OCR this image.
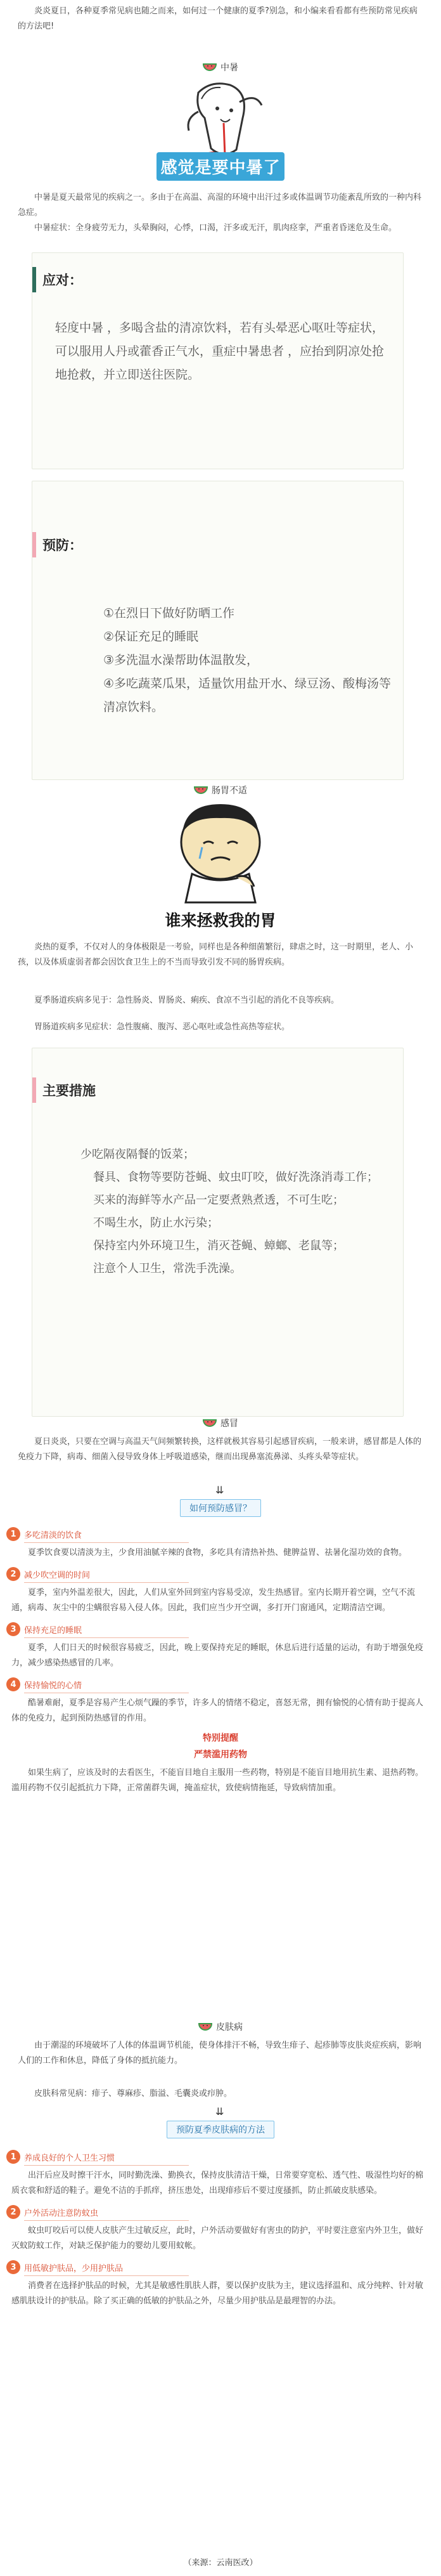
炎炎夏日，各种夏季常见病也随之而来，如何过一个健康的夏季?别急，和小编来看看都有些预防常见疾病的方法吧!

中暑
感觉是要中暑了

中暑是夏天最常见的疾病之一。多由于在高温、高湿的环境中出汗过多或体温调节功能紊乱所致的一种内科急症。

中暑症状：全身疲劳无力，头晕胸闷，心悸，口渴，汗多或无汗，肌肉痉挛，严重者昏迷危及生命。

应对：
轻度中暑 ，多喝含盐的清凉饮料，若有头晕恶心呕吐等症状，可以服用人丹或藿香正气水，重症中暑患者 ，应抬到阴凉处抢地抢救，并立即送往医院。
预防：
①在烈日下做好防晒工作
②保证充足的睡眠
③多洗温水澡帮助体温散发，
④多吃蔬菜瓜果，适量饮用盐开水、绿豆汤、酸梅汤等清凉饮料。
肠胃不适
谁来拯救我的胃

炎热的夏季，不仅对人的身体极限是一考验，同样也是各种细菌繁衍，肆虐之时，这一时期里，老人、小孩，以及体质虚弱者都会因饮食卫生上的不当而导致引发不同的肠胃疾病。

夏季肠道疾病多见于：急性肠炎、胃肠炎、痢疾、食凉不当引起的消化不良等疾病。

胃肠道疾病多见症状：急性腹痛、腹泻、恶心呕吐或急性高热等症状。

主要措施
少吃隔夜隔餐的饭菜；
餐具、食物等要防苍蝇、蚊虫叮咬，做好洗涤消毒工作；
买来的海鲜等水产品一定要煮熟煮透，不可生吃；
不喝生水，防止水污染；
保持室内外环境卫生，消灭苍蝇、蟑螂、老鼠等；
注意个人卫生，常洗手洗澡。
感冒

夏日炎炎，只要在空调与高温天气间频繁转换，这样就极其容易引起感冒疾病，一般来讲，感冒都是人体的免疫力下降，病毒、细菌入侵导致身体上呼吸道感染，继而出现鼻塞流鼻涕、头疼头晕等症状。

⇊
如何预防感冒？
1 多吃清淡的饮食

夏季饮食要以清淡为主，少食用油腻辛辣的食物，多吃具有清热补热、健脾益胃、祛暑化湿功效的食物。

2 减少吹空调的时间

夏季，室内外温差很大，因此，人们从室外回到室内容易受凉，发生热感冒。室内长期开着空调，空气不流通，病毒、灰尘中的尘螨很容易入侵人体。因此，我们应当少开空调，多打开门窗通风，定期清洁空调。

3 保持充足的睡眠

夏季，人们日天的时候很容易疲乏，因此，晚上要保持充足的睡眠，休息后进行适量的运动，有助于增强免疫力，减少感染热感冒的几率。

4 保持愉悦的心情

酷暑难耐，夏季是容易产生心烦气躁的季节，许多人的情绪不稳定，喜怒无常，拥有愉悦的心情有助于提高人体的免疫力，起到预防热感冒的作用。

特别提醒
严禁滥用药物

如果生病了，应该及时的去看医生，不能盲目地自主服用一些药物，特别是不能盲目地用抗生素、退热药物。滥用药物不仅引起抵抗力下降，正常菌群失调，掩盖症状，致使病情拖延，导致病情加重。

皮肤病

由于潮湿的环境破坏了人体的体温调节机能，使身体排汗不畅，导致生痱子、起疹肺等皮肤炎症疾病，影响人们的工作和休息，降低了身体的抵抗能力。

皮肤科常见病：痱子、尊麻疹、脂溢、毛囊炎或疖肿。

⇊
预防夏季皮肤病的方法
1 养成良好的个人卫生习惯

出汗后应及时擦干汗水，同时勤洗澡、勤换衣，保持皮肤清洁干燥，日常要穿宽松、透气性、吸湿性均好的棉质衣裳和舒适的鞋子。避免不洁的手抓痒，挤压患处，出现痱疹后不要过度搔抓，防止抓破皮肤感染。

2 户外活动注意防蚊虫

蚊虫叮咬后可以使人皮肤产生过敏反应，此时，户外活动要做好有害虫的防护，平时要注意室内外卫生，做好灭蚊防蚊工作，对缺乏保护能力的婴幼儿要用蚊帐。

3 用低敏护肤品，少用护肤品

消费者在选择护肤品的时候，尤其是敏感性肌肤人群，要以保护皮肤为主，建议选择温和、成分纯粹、针对敏感肌肤设计的护肤品。除了买正确的低敏的护肤品之外，尽量少用护肤品是最理智的办法。

（来源：云南医改）
